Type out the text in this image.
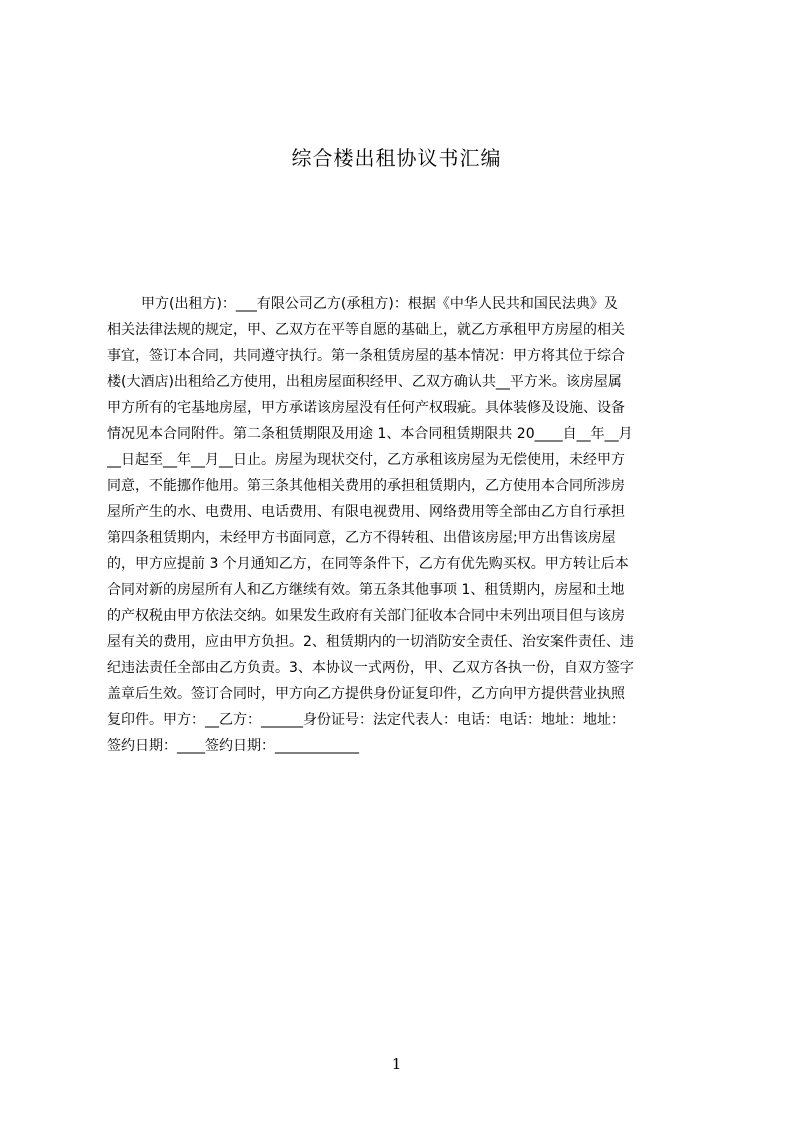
综合楼出租协议书汇编
甲方(出租方)：___有限公司乙方(承租方)：根据《中华人民共和国民法典》及
相关法律法规的规定，甲、乙双方在平等自愿的基础上，就乙方承租甲方房屋的相关
事宜，签订本合同，共同遵守执行。第一条租赁房屋的基本情况：甲方将其位于综合
楼(大酒店)出租给乙方使用，出租房屋面积经甲、乙双方确认共__平方米。该房屋属
甲方所有的宅基地房屋，甲方承诺该房屋没有任何产权瑕疵。具体装修及设施、设备
情况见本合同附件。第二条租赁期限及用途 1、本合同租赁期限共 20____自__年__月
__日起至__年__月__日止。房屋为现状交付，乙方承租该房屋为无偿使用，未经甲方
同意，不能挪作他用。第三条其他相关费用的承担租赁期内，乙方使用本合同所涉房
屋所产生的水、电费用、电话费用、有限电视费用、网络费用等全部由乙方自行承担
第四条租赁期内，未经甲方书面同意，乙方不得转租、出借该房屋;甲方出售该房屋
的，甲方应提前 3 个月通知乙方，在同等条件下，乙方有优先购买权。甲方转让后本
合同对新的房屋所有人和乙方继续有效。第五条其他事项 1、租赁期内，房屋和土地
的产权税由甲方依法交纳。如果发生政府有关部门征收本合同中未列出项目但与该房
屋有关的费用，应由甲方负担。2、租赁期内的一切消防安全责任、治安案件责任、违
纪违法责任全部由乙方负责。3、本协议一式两份，甲、乙双方各执一份，自双方签字
盖章后生效。签订合同时，甲方向乙方提供身份证复印件，乙方向甲方提供营业执照
复印件。甲方：__乙方：______身份证号：法定代表人：电话：电话：地址：地址：
签约日期：____签约日期：____________
1
